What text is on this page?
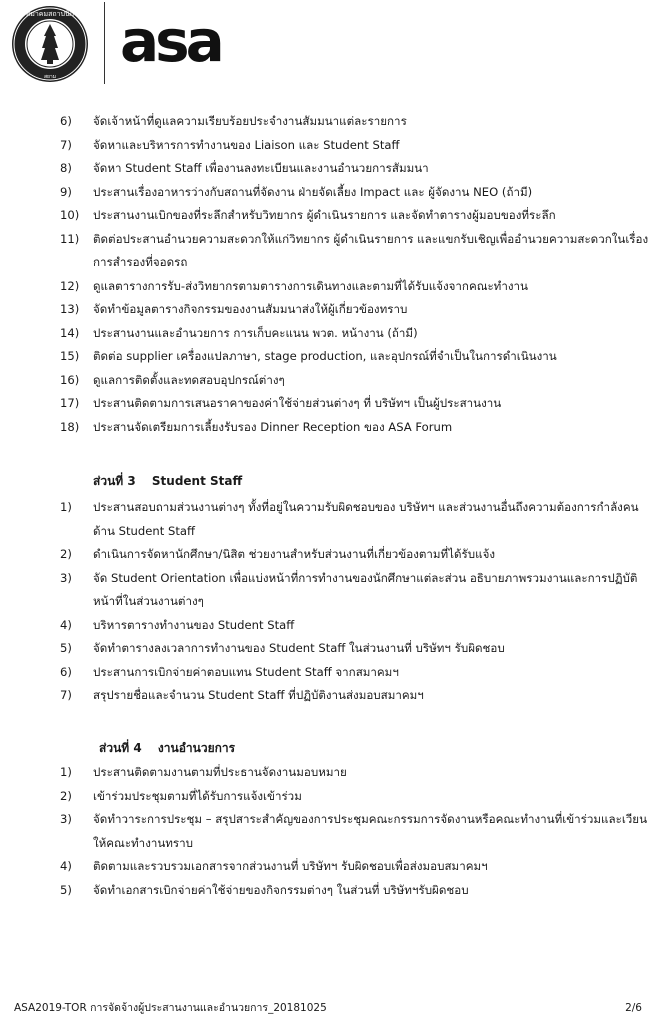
สมาคมสถาปนิก
สยาม
asa
6) จัดเจ้าหน้าที่ดูแลความเรียบร้อยประจำงานสัมมนาแต่ละรายการ
7) จัดหาและบริหารการทำงานของ Liaison และ Student Staff
8) จัดหา Student Staff เพื่องานลงทะเบียนและงานอำนวยการสัมมนา
9) ประสานเรื่องอาหารว่างกับสถานที่จัดงาน ฝ่ายจัดเลี้ยง Impact และ ผู้จัดงาน NEO (ถ้ามี)
10) ประสานงานเบิกของที่ระลึกสำหรับวิทยากร ผู้ดำเนินรายการ และจัดทำตารางผู้มอบของที่ระลึก
11) ติดต่อประสานอำนวยความสะดวกให้แก่วิทยากร ผู้ดำเนินรายการ และแขกรับเชิญเพื่ออำนวยความสะดวกในเรื่องการสำรองที่จอดรถ
12) ดูแลตารางการรับ-ส่งวิทยากรตามตารางการเดินทางและตามที่ได้รับแจ้งจากคณะทำงาน
13) จัดทำข้อมูลตารางกิจกรรมของงานสัมมนาส่งให้ผู้เกี่ยวข้องทราบ
14) ประสานงานและอำนวยการ การเก็บคะแนน พวต. หน้างาน (ถ้ามี)
15) ติดต่อ supplier เครื่องแปลภาษา, stage production, และอุปกรณ์ที่จำเป็นในการดำเนินงาน
16) ดูแลการติดตั้งและทดสอบอุปกรณ์ต่างๆ
17) ประสานติดตามการเสนอราคาของค่าใช้จ่ายส่วนต่างๆ ที่ บริษัทฯ เป็นผู้ประสานงาน
18) ประสานจัดเตรียมการเลี้ยงรับรอง Dinner Reception ของ ASA Forum
ส่วนที่ 3 Student Staff
1) ประสานสอบถามส่วนงานต่างๆ ทั้งที่อยู่ในความรับผิดชอบของ บริษัทฯ และส่วนงานอื่นถึงความต้องการกำลังคนด้าน Student Staff
2) ดำเนินการจัดหานักศึกษา/นิสิต ช่วยงานสำหรับส่วนงานที่เกี่ยวข้องตามที่ได้รับแจ้ง
3) จัด Student Orientation เพื่อแบ่งหน้าที่การทำงานของนักศึกษาแต่ละส่วน อธิบายภาพรวมงานและการปฏิบัติหน้าที่ในส่วนงานต่างๆ
4) บริหารตารางทำงานของ Student Staff
5) จัดทำตารางลงเวลาการทำงานของ Student Staff ในส่วนงานที่ บริษัทฯ รับผิดชอบ
6) ประสานการเบิกจ่ายค่าตอบแทน Student Staff จากสมาคมฯ
7) สรุปรายชื่อและจำนวน Student Staff ที่ปฏิบัติงานส่งมอบสมาคมฯ
ส่วนที่ 4 งานอำนวยการ
1) ประสานติดตามงานตามที่ประธานจัดงานมอบหมาย
2) เข้าร่วมประชุมตามที่ได้รับการแจ้งเข้าร่วม
3) จัดทำวาระการประชุม – สรุปสาระสำคัญของการประชุมคณะกรรมการจัดงานหรือคณะทำงานที่เข้าร่วมและเวียนให้คณะทำงานทราบ
4) ติดตามและรวบรวมเอกสารจากส่วนงานที่ บริษัทฯ รับผิดชอบเพื่อส่งมอบสมาคมฯ
5) จัดทำเอกสารเบิกจ่ายค่าใช้จ่ายของกิจกรรมต่างๆ ในส่วนที่ บริษัทฯรับผิดชอบ
ASA2019-TOR การจัดจ้างผู้ประสานงานและอำนวยการ_20181025	2/6
